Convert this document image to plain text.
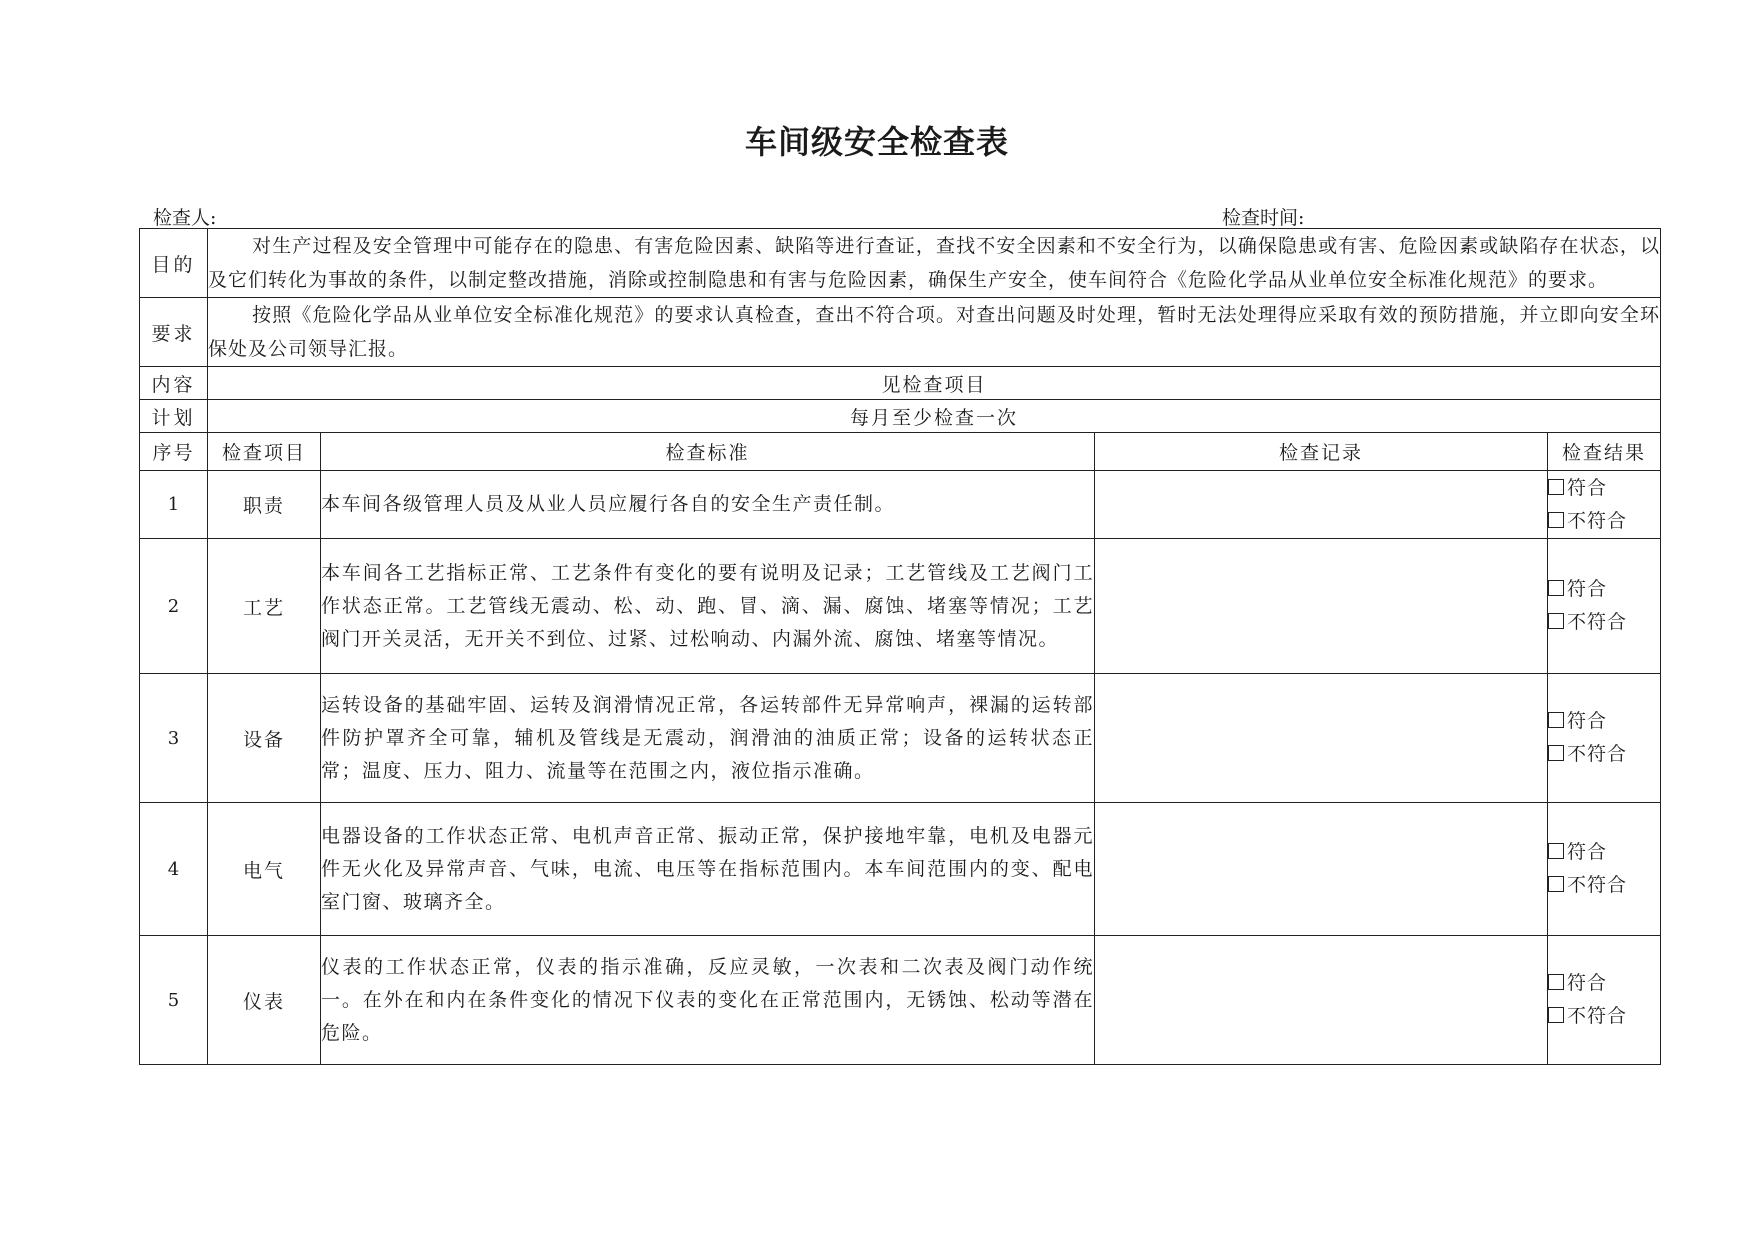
车间级安全检查表
检查人:	检查时间:
目的	对生产过程及安全管理中可能存在的隐患、有害危险因素、缺陷等进行查证，查找不安全因素和不安全行为，以确保隐患或有害、危险因素或缺陷存在状态，以及它们转化为事故的条件，以制定整改措施，消除或控制隐患和有害与危险因素，确保生产安全，使车间符合《危险化学品从业单位安全标准化规范》的要求。			
要求	按照《危险化学品从业单位安全标准化规范》的要求认真检查，查出不符合项。对查出问题及时处理，暂时无法处理得应采取有效的预防措施，并立即向安全环保处及公司领导汇报。			
内容	见检查项目			
计划	每月至少检查一次			
序号	检查项目	检查标准	检查记录	检查结果
1	职责	本车间各级管理人员及从业人员应履行各自的安全生产责任制。		符合
不符合

2	工艺	本车间各工艺指标正常、工艺条件有变化的要有说明及记录；工艺管线及工艺阀门工作状态正常。工艺管线无震动、松、动、跑、冒、滴、漏、腐蚀、堵塞等情况；工艺阀门开关灵活，无开关不到位、过紧、过松响动、内漏外流、腐蚀、堵塞等情况。		符合
不符合

3	设备	运转设备的基础牢固、运转及润滑情况正常，各运转部件无异常响声，裸漏的运转部件防护罩齐全可靠，辅机及管线是无震动，润滑油的油质正常；设备的运转状态正常；温度、压力、阻力、流量等在范围之内，液位指示准确。		符合
不符合

4	电气	电器设备的工作状态正常、电机声音正常、振动正常，保护接地牢靠，电机及电器元件无火化及异常声音、气味，电流、电压等在指标范围内。本车间范围内的变、配电室门窗、玻璃齐全。		符合
不符合

5	仪表	仪表的工作状态正常，仪表的指示准确，反应灵敏，一次表和二次表及阀门动作统一。在外在和内在条件变化的情况下仪表的变化在正常范围内，无锈蚀、松动等潜在危险。		符合
不符合
